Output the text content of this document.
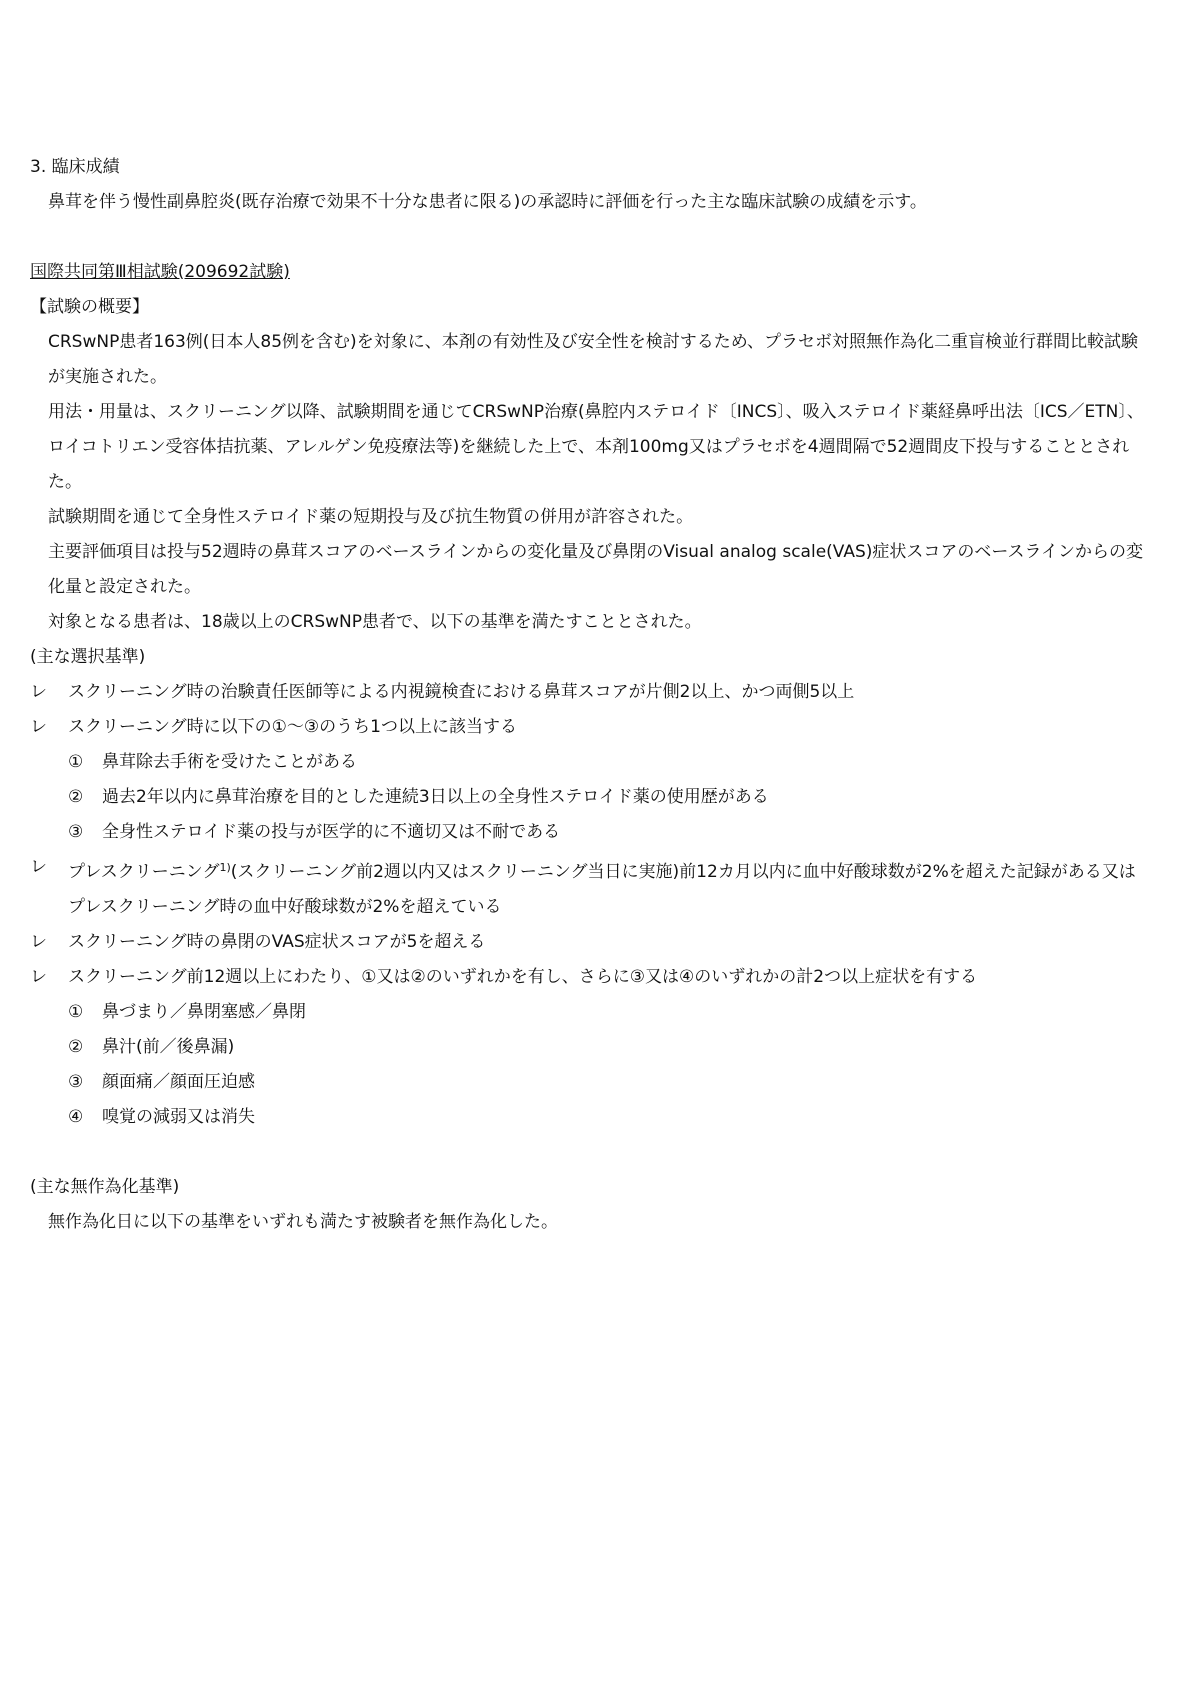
3. 臨床成績
鼻茸を伴う慢性副鼻腔炎(既存治療で効果不十分な患者に限る)の承認時に評価を行った主な臨床試験の成績を示す。
国際共同第Ⅲ相試験(209692試験)
【試験の概要】
CRSwNP患者163例(日本人85例を含む)を対象に、本剤の有効性及び安全性を検討するため、プラセボ対照無作為化二重盲検並行群間比較試験が実施された。
用法・用量は、スクリーニング以降、試験期間を通じてCRSwNP治療(鼻腔内ステロイド〔INCS〕、吸入ステロイド薬経鼻呼出法〔ICS／ETN〕、ロイコトリエン受容体拮抗薬、アレルゲン免疫療法等)を継続した上で、本剤100mg又はプラセボを4週間隔で52週間皮下投与することとされた。
試験期間を通じて全身性ステロイド薬の短期投与及び抗生物質の併用が許容された。
主要評価項目は投与52週時の鼻茸スコアのベースラインからの変化量及び鼻閉のVisual analog scale(VAS)症状スコアのベースラインからの変化量と設定された。
対象となる患者は、18歳以上のCRSwNP患者で、以下の基準を満たすこととされた。
(主な選択基準)
レ	スクリーニング時の治験責任医師等による内視鏡検査における鼻茸スコアが片側2以上、かつ両側5以上
レ	スクリーニング時に以下の①～③のうち1つ以上に該当する
① 鼻茸除去手術を受けたことがある
② 過去2年以内に鼻茸治療を目的とした連続3日以上の全身性ステロイド薬の使用歴がある
③ 全身性ステロイド薬の投与が医学的に不適切又は不耐である
レ プレスクリーニング$^{1)}$(スクリーニング前2週以内又はスクリーニング当日に実施)前12カ月以内に血中好酸球数が2%を超えた記録がある又はプレスクリーニング時の血中好酸球数が2%を超えている
レ	スクリーニング時の鼻閉のVAS症状スコアが5を超える
レ	スクリーニング前12週以上にわたり、①又は②のいずれかを有し、さらに③又は④のいずれかの計2つ以上症状を有する
① 鼻づまり／鼻閉塞感／鼻閉
② 鼻汁(前／後鼻漏)
③ 顔面痛／顔面圧迫感
④ 嗅覚の減弱又は消失
(主な無作為化基準)
無作為化日に以下の基準をいずれも満たす被験者を無作為化した。
